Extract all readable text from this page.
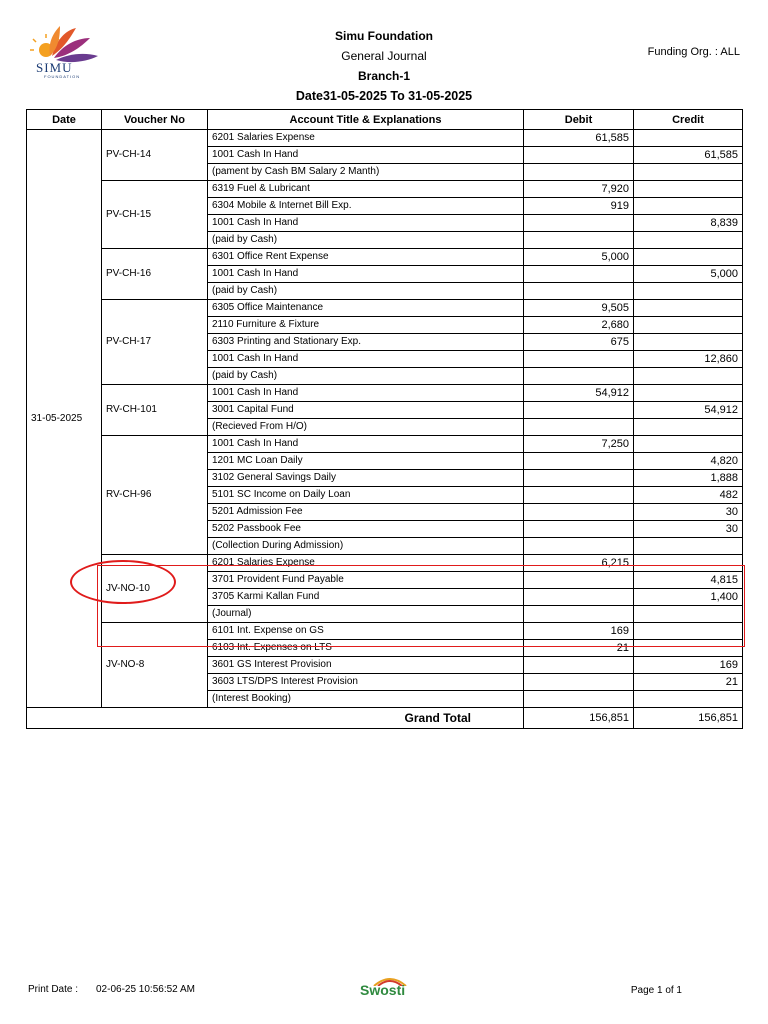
SIMU
FOUNDATION
Simu Foundation
General Journal
Branch-1
Date31-05-2025 To 31-05-2025
Funding Org. : ALL
Date	Voucher No	Account Title & Explanations	Debit	Credit
31-05-2025	PV-CH-14	6201 Salaries Expense	61,585	
		1001 Cash In Hand		61,585
		(pament by Cash BM Salary 2 Manth)		
	PV-CH-15	6319 Fuel & Lubricant	7,920	
		6304 Mobile & Internet Bill Exp.	919	
		1001 Cash In Hand		8,839
		(paid by Cash)		
	PV-CH-16	6301 Office Rent Expense	5,000	
		1001 Cash In Hand		5,000
		(paid by Cash)		
	PV-CH-17	6305 Office Maintenance	9,505	
		2110 Furniture & Fixture	2,680	
		6303 Printing and Stationary Exp.	675	
		1001 Cash In Hand		12,860
		(paid by Cash)		
	RV-CH-101	1001 Cash In Hand	54,912	
		3001 Capital Fund		54,912
		(Recieved From H/O)		
	RV-CH-96	1001 Cash In Hand	7,250	
		1201 MC Loan Daily		4,820
		3102 General Savings Daily		1,888
		5101 SC Income on Daily Loan		482
		5201 Admission Fee		30
		5202 Passbook Fee		30
		(Collection During Admission)		
	JV-NO-10	6201 Salaries Expense	6,215	
		3701 Provident Fund Payable		4,815
		3705 Karmi Kallan Fund		1,400
		(Journal)		
	JV-NO-8	6101 Int. Expense on GS	169	
		6103 Int. Expenses on LTS	21	
		3601 GS Interest Provision		169
		3603 LTS/DPS Interest Provision		21
		(Interest Booking)		
Grand Total			156,851	156,851
Print Date : 02-06-25 10:56:52 AM	Swosti	Page 1 of 1
